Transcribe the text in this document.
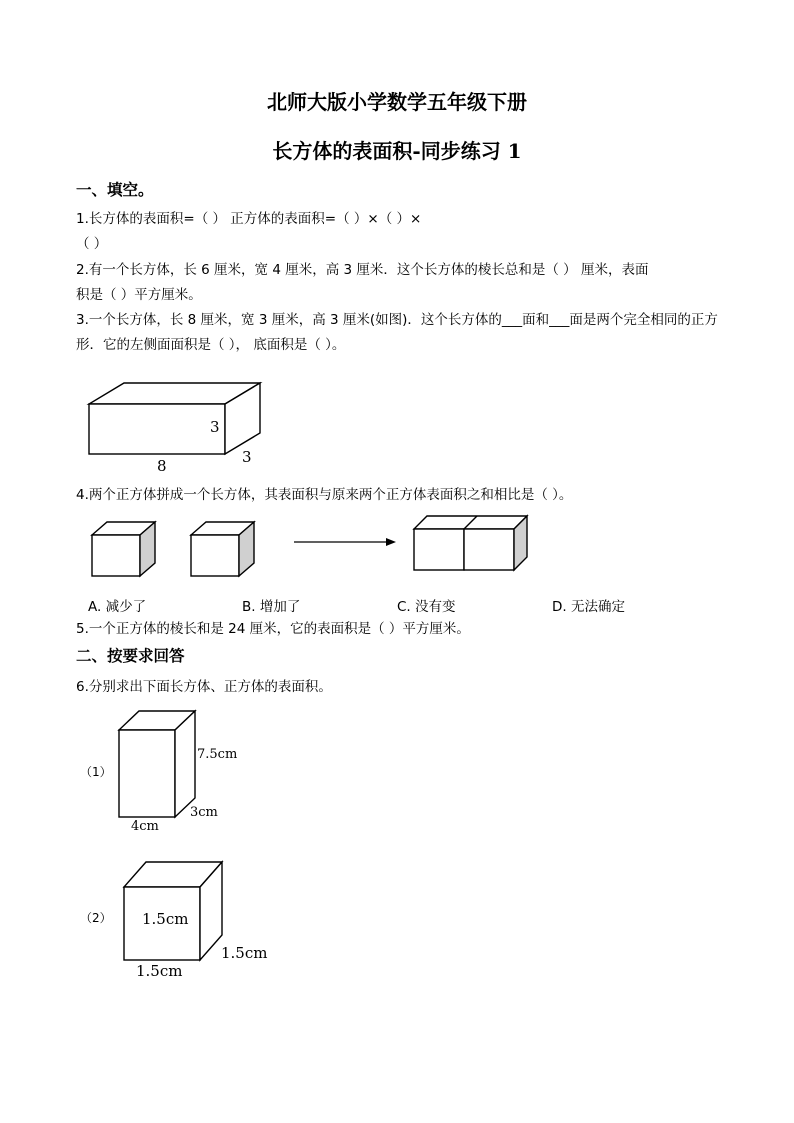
北师大版小学数学五年级下册
长方体的表面积-同步练习 1
一、填空。
1.长方体的表面积=（ ） 正方体的表面积=（ ）×（ ）×
（ ）
2.有一个长方体，长 6 厘米，宽 4 厘米，高 3 厘米．这个长方体的棱长总和是（ ） 厘米，表面
积是（ ）平方厘米。
3.一个长方体，长 8 厘米，宽 3 厘米，高 3 厘米(如图)．这个长方体的___面和___面是两个完全相同的正方
形．它的左侧面面积是（ ）， 底面积是（ ）。
3
8	3
4.两个正方体拼成一个长方体，其表面积与原来两个正方体表面积之和相比是（ ）。
A. 减少了	B. 增加了	C. 没有变	D. 无法确定
5.一个正方体的棱长和是 24 厘米，它的表面积是（ ）平方厘米。
二、按要求回答
6.分别求出下面长方体、正方体的表面积。
（1）
7.5cm
3cm
4cm
（2） 1.5cm
1.5cm
1.5cm
